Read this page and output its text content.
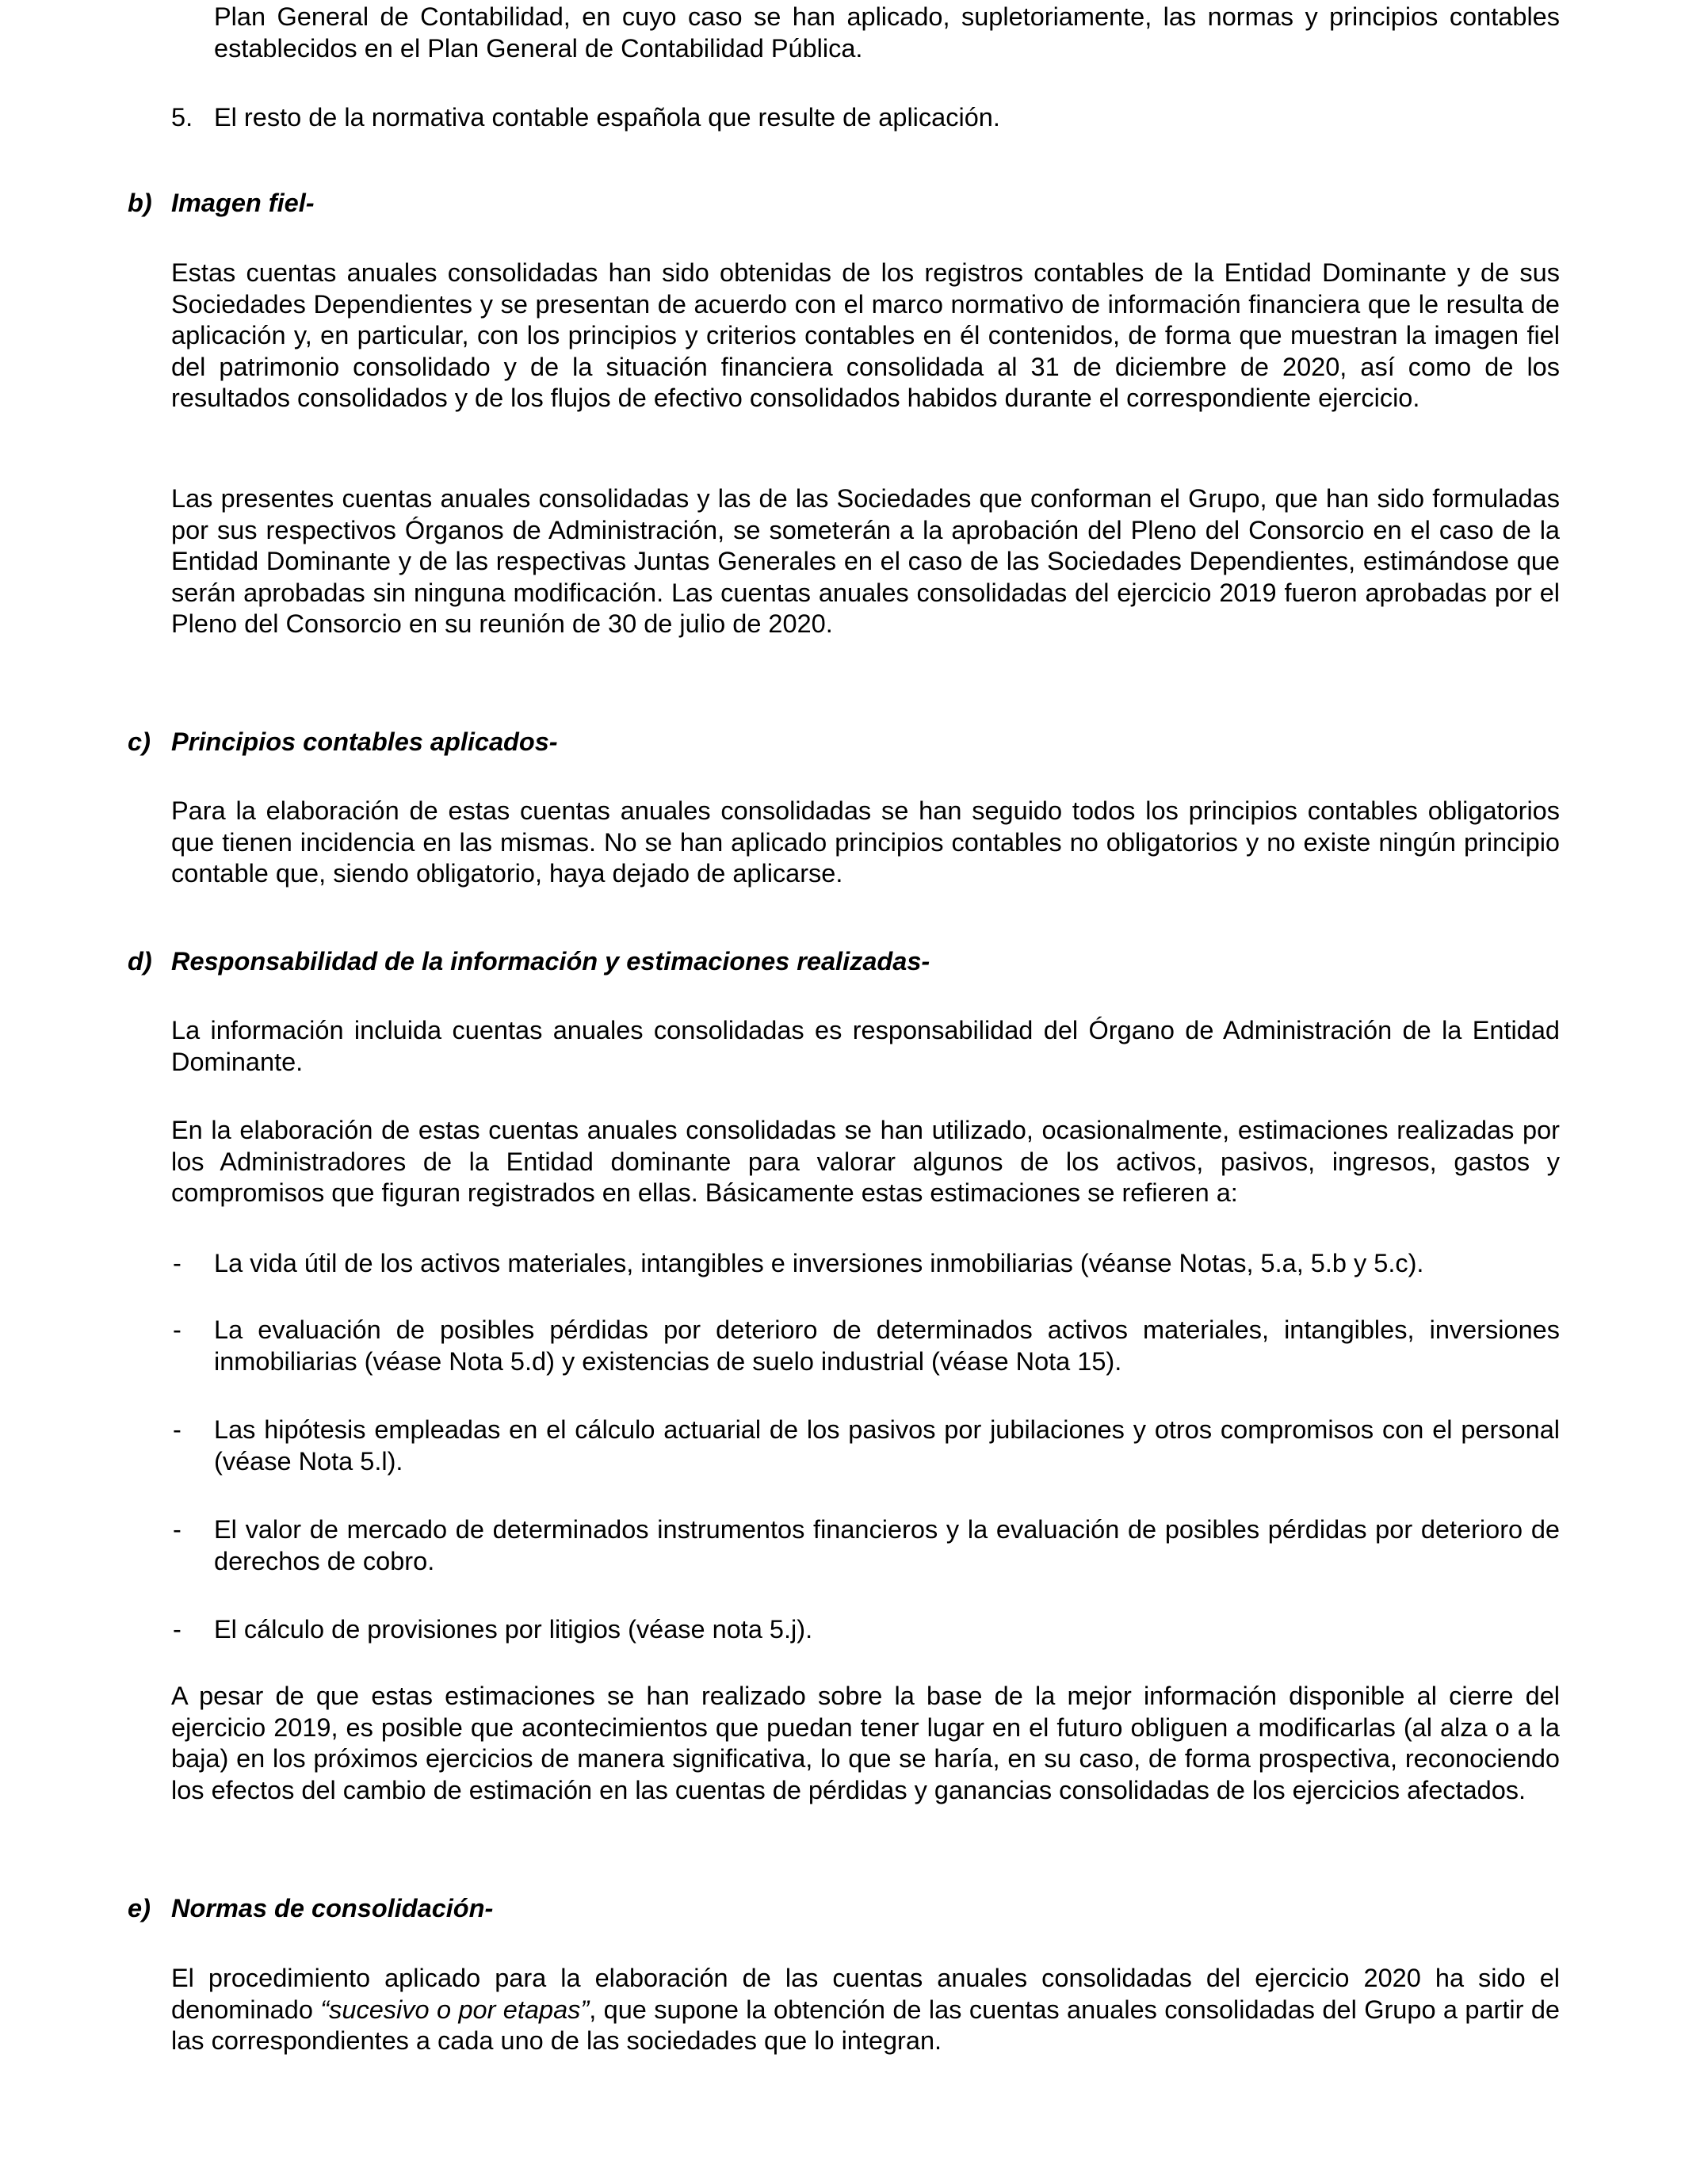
Plan General de Contabilidad, en cuyo caso se han aplicado, supletoriamente, las normas y principios contables establecidos en el Plan General de Contabilidad Pública.
5. El resto de la normativa contable española que resulte de aplicación.
b) Imagen fiel-
Estas cuentas anuales consolidadas han sido obtenidas de los registros contables de la Entidad Dominante y de sus Sociedades Dependientes y se presentan de acuerdo con el marco normativo de información financiera que le resulta de aplicación y, en particular, con los principios y criterios contables en él contenidos, de forma que muestran la imagen fiel del patrimonio consolidado y de la situación financiera consolidada al 31 de diciembre de 2020, así como de los resultados consolidados y de los flujos de efectivo consolidados habidos durante el correspondiente ejercicio.
Las presentes cuentas anuales consolidadas y las de las Sociedades que conforman el Grupo, que han sido formuladas por sus respectivos Órganos de Administración, se someterán a la aprobación del Pleno del Consorcio en el caso de la Entidad Dominante y de las respectivas Juntas Generales en el caso de las Sociedades Dependientes, estimándose que serán aprobadas sin ninguna modificación. Las cuentas anuales consolidadas del ejercicio 2019 fueron aprobadas por el Pleno del Consorcio en su reunión de 30 de julio de 2020.
c) Principios contables aplicados-
Para la elaboración de estas cuentas anuales consolidadas se han seguido todos los principios contables obligatorios que tienen incidencia en las mismas. No se han aplicado principios contables no obligatorios y no existe ningún principio contable que, siendo obligatorio, haya dejado de aplicarse.
d) Responsabilidad de la información y estimaciones realizadas-
La información incluida cuentas anuales consolidadas es responsabilidad del Órgano de Administración de la Entidad Dominante.
En la elaboración de estas cuentas anuales consolidadas se han utilizado, ocasionalmente, estimaciones realizadas por los Administradores de la Entidad dominante para valorar algunos de los activos, pasivos, ingresos, gastos y compromisos que figuran registrados en ellas. Básicamente estas estimaciones se refieren a:
- La vida útil de los activos materiales, intangibles e inversiones inmobiliarias (véanse Notas, 5.a, 5.b y 5.c).
- La evaluación de posibles pérdidas por deterioro de determinados activos materiales, intangibles, inversiones inmobiliarias (véase Nota 5.d) y existencias de suelo industrial (véase Nota 15).
- Las hipótesis empleadas en el cálculo actuarial de los pasivos por jubilaciones y otros compromisos con el personal (véase Nota 5.l).
- El valor de mercado de determinados instrumentos financieros y la evaluación de posibles pérdidas por deterioro de derechos de cobro.
- El cálculo de provisiones por litigios (véase nota 5.j).
A pesar de que estas estimaciones se han realizado sobre la base de la mejor información disponible al cierre del ejercicio 2019, es posible que acontecimientos que puedan tener lugar en el futuro obliguen a modificarlas (al alza o a la baja) en los próximos ejercicios de manera significativa, lo que se haría, en su caso, de forma prospectiva, reconociendo los efectos del cambio de estimación en las cuentas de pérdidas y ganancias consolidadas de los ejercicios afectados.
e) Normas de consolidación-
El procedimiento aplicado para la elaboración de las cuentas anuales consolidadas del ejercicio 2020 ha sido el denominado “sucesivo o por etapas”, que supone la obtención de las cuentas anuales consolidadas del Grupo a partir de las correspondientes a cada uno de las sociedades que lo integran.
